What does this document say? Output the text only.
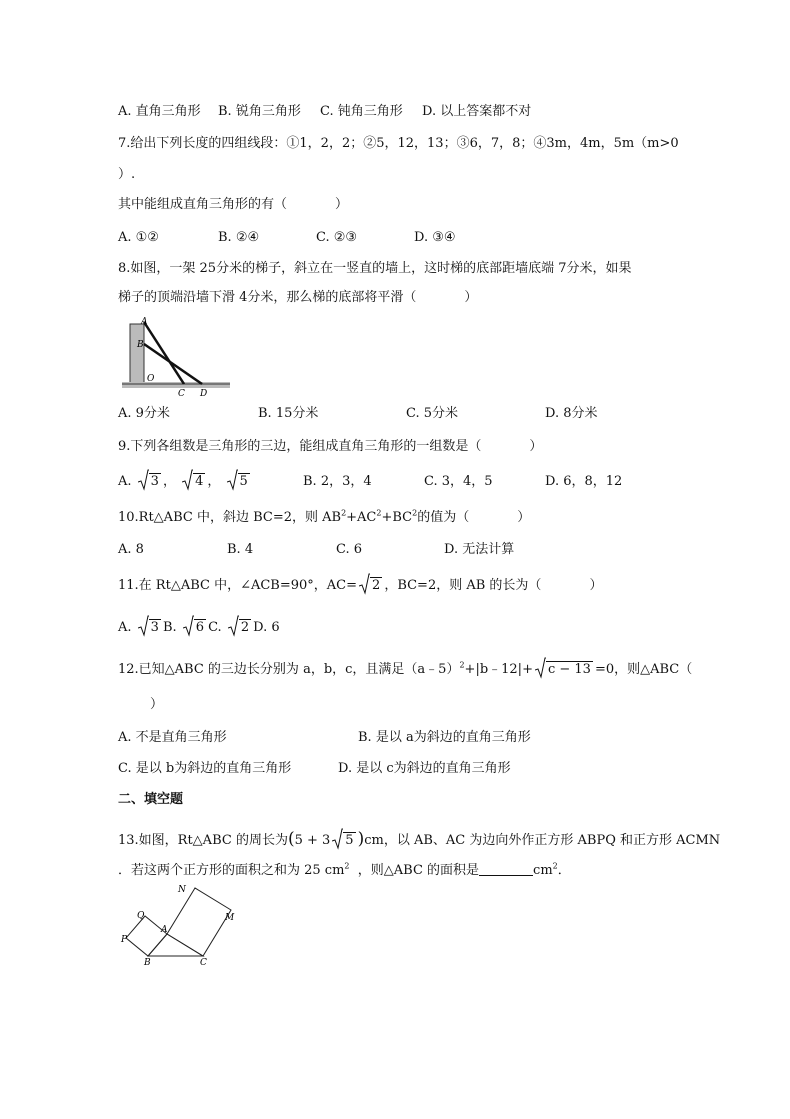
A. 直角三角形 B. 锐角三角形 C. 钝角三角形 D. 以上答案都不对
7.给出下列长度的四组线段：①1，2，2；②5，12，13；③6，7，8；④3m，4m，5m（m>0
）.
其中能组成直角三角形的有（	）
A. ①②	B. ②④	C. ②③	D. ③④
8.如图，一架 25分米的梯子，斜立在一竖直的墙上，这时梯的底部距墙底端 7分米，如果
梯子的顶端沿墙下滑 4分米，那么梯的底部将平滑（	）
A
B
O
C D
A. 9分米	B. 15分米	C. 5分米	D. 8分米
9.下列各组数是三角形的三边，能组成直角三角形的一组数是（	）
A. 3 ， 4 ， 5	B. 2，3，4	C. 3，4，5	D. 6，8，12
10.Rt△ABC 中，斜边 BC=2，则 $AB^2+AC^2+BC^2$的值为（	）
A. 8	B. 4	C. 6	D. 无法计算
11.在 Rt△ABC 中，∠ACB=90°，AC= 2 ，BC=2，则 AB 的长为（	）
A. 3 B. 6 C. 2 D. 6
12.已知△ABC 的三边长分别为 a，b，c，且满足（a﹣5）$^2$+|b﹣12|+ c − 13 =0，则△ABC（
）
A. 不是直角三角形	B. 是以 a为斜边的直角三角形
C. 是以 b为斜边的直角三角形	D. 是以 c为斜边的直角三角形
二、填空题
13.如图，Rt△ABC 的周长为(5 + 3 5 )cm，以 AB、AC 为边向外作正方形 ABPQ 和正方形 ACMN
．若这两个正方形的面积之和为 25 $cm^2$ ，则△ABC 的面积是	$cm^2$．
N
M
Q
P
A
B	C
